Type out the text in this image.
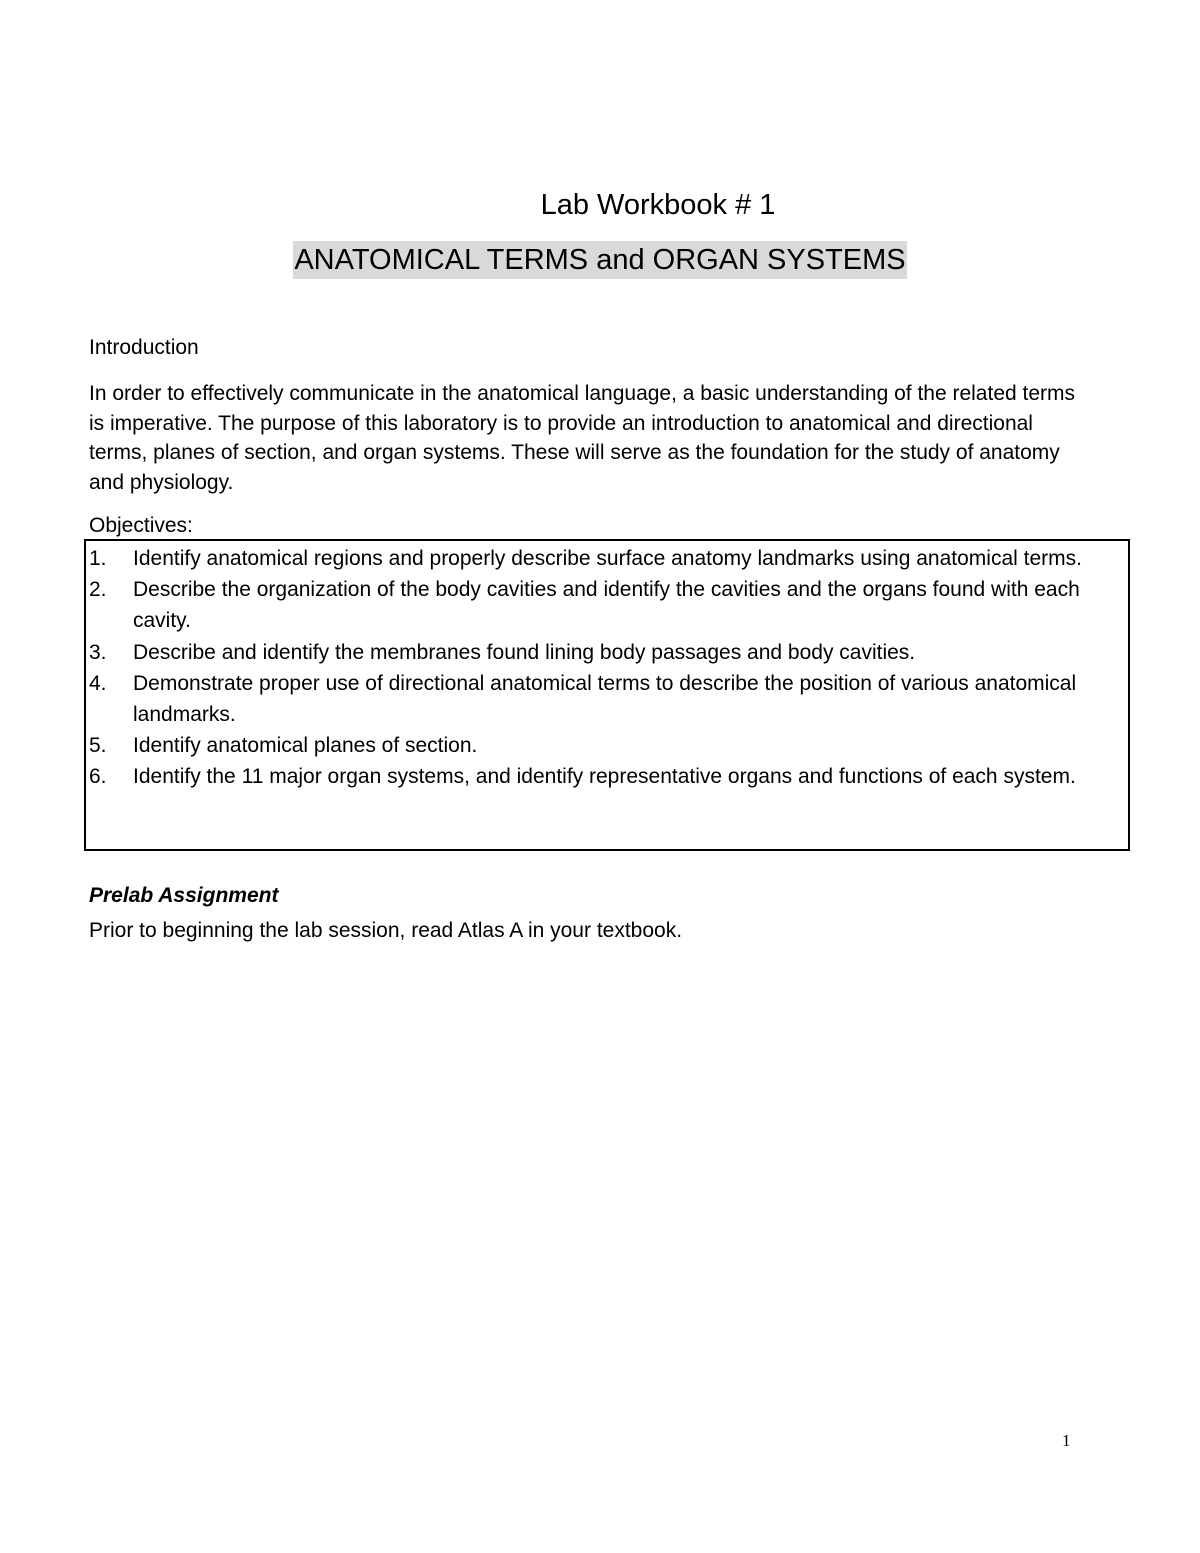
Lab Workbook # 1
ANATOMICAL TERMS and ORGAN SYSTEMS
Introduction

In order to effectively communicate in the anatomical language, a basic understanding of the related terms is imperative. The purpose of this laboratory is to provide an introduction to anatomical and directional terms, planes of section, and organ systems. These will serve as the foundation for the study of anatomy and physiology.

Objectives:

1. Identify anatomical regions and properly describe surface anatomy landmarks using anatomical terms.
2. Describe the organization of the body cavities and identify the cavities and the organs found with each cavity.
3. Describe and identify the membranes found lining body passages and body cavities.
4. Demonstrate proper use of directional anatomical terms to describe the position of various anatomical landmarks.
5. Identify anatomical planes of section.
6. Identify the 11 major organ systems, and identify representative organs and functions of each system.

Prelab Assignment

Prior to beginning the lab session, read Atlas A in your textbook.

1
